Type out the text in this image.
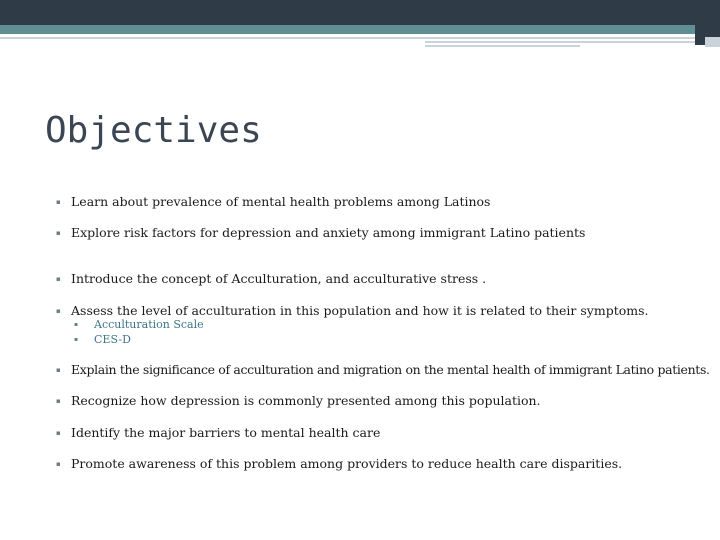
Objectives
▪ Learn about prevalence of mental health problems among Latinos
▪ Explore risk factors for depression and anxiety among immigrant Latino patients
▪ Introduce the concept of Acculturation, and acculturative stress .
▪ Assess the level of acculturation in this population and how it is related to their symptoms.
▪ Acculturation Scale
▪ CES-D
▪ Explain the significance of acculturation and migration on the mental health of immigrant Latino patients.
▪ Recognize how depression is commonly presented among this population.
▪ Identify the major barriers to mental health care
▪ Promote awareness of this problem among providers to reduce health care disparities.
